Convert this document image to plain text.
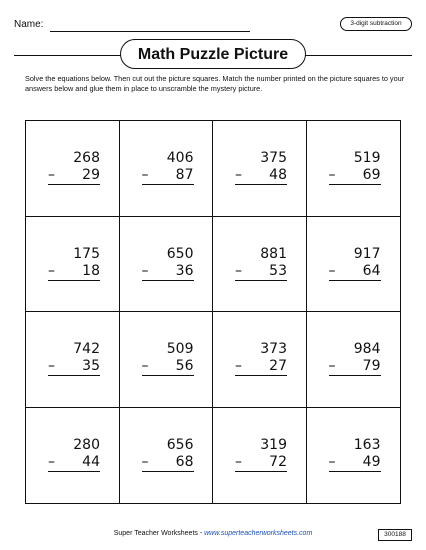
Name:	3-digit subtraction
Math Puzzle Picture
Solve the equations below. Then cut out the picture squares. Match the number printed on the picture squares to your answers below and glue them in place to unscramble the mystery picture.
268
– 29
406
– 87
375
– 48
519
– 69
175
– 18
650
– 36
881
– 53
917
– 64
742
– 35
509
– 56
373
– 27
984
– 79
280
– 44
656
– 68
319
– 72
163
– 49
Super Teacher Worksheets - www.superteacherworksheets.com	300188
